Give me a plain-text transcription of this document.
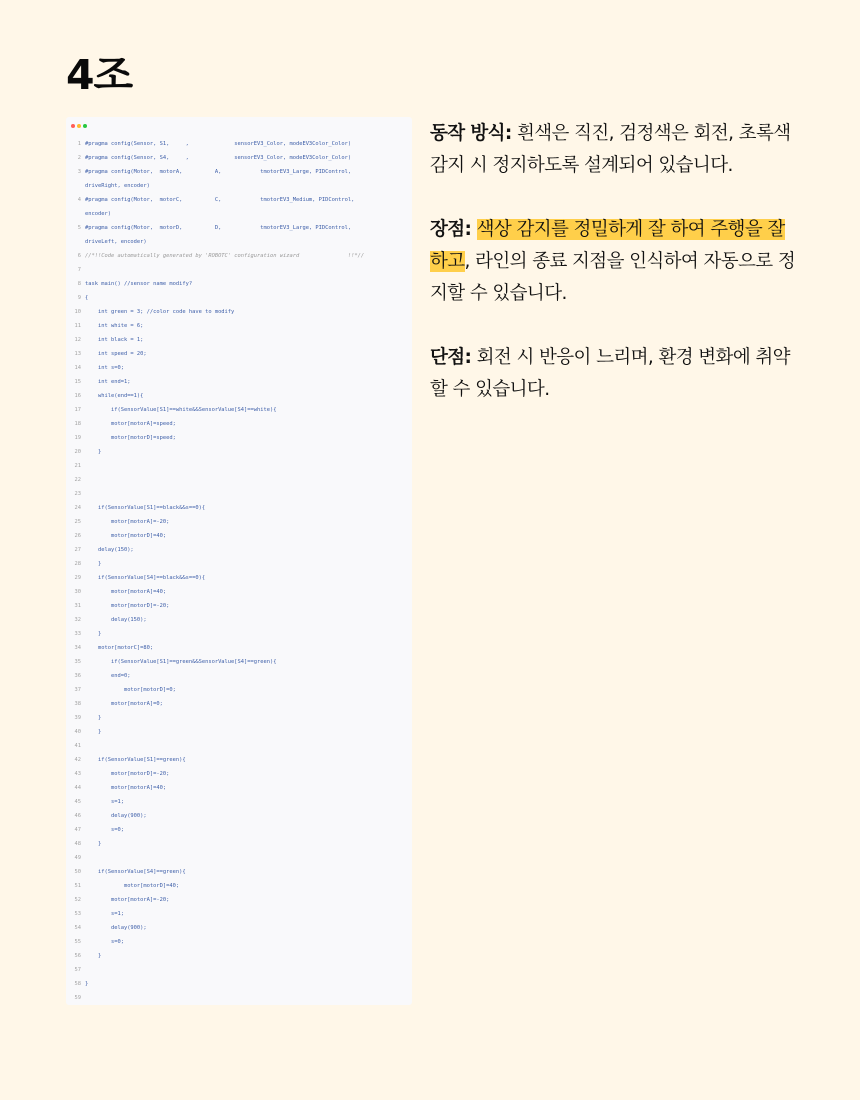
4조
1 #pragma config(Sensor, S1,     ,              sensorEV3_Color, modeEV3Color_Color)
2 #pragma config(Sensor, S4,     ,              sensorEV3_Color, modeEV3Color_Color)
3 #pragma config(Motor,  motorA,          A,            tmotorEV3_Large, PIDControl,
driveRight, encoder)
4 #pragma config(Motor,  motorC,          C,            tmotorEV3_Medium, PIDControl,
encoder)
5 #pragma config(Motor,  motorD,          D,            tmotorEV3_Large, PIDControl,
driveLeft, encoder)
6 //*!!Code automatically generated by 'ROBOTC' configuration wizard               !!*//
7
8 task main() //sensor name modify?
9 {
10 int green = 3; //color code have to modify
11 int white = 6;
12 int black = 1;
13 int speed = 20;
14 int s=0;
15 int end=1;
16 while(end==1){
17 if(SensorValue[S1]==white&&SensorValue[S4]==white){
18 motor[motorA]=speed;
19 motor[motorD]=speed;
20 }
21
22
23
24 if(SensorValue[S1]==black&&s==0){
25 motor[motorA]=-20;
26 motor[motorD]=40;
27 delay(150);
28 }
29 if(SensorValue[S4]==black&&s==0){
30 motor[motorA]=40;
31 motor[motorD]=-20;
32 delay(150);
33 }
34 motor[motorC]=80;
35 if(SensorValue[S1]==green&&SensorValue[S4]==green){
36 end=0;
37 motor[motorD]=0;
38 motor[motorA]=0;
39 }
40 }
41
42 if(SensorValue[S1]==green){
43 motor[motorD]=-20;
44 motor[motorA]=40;
45 s=1;
46 delay(900);
47 s=0;
48 }
49
50 if(SensorValue[S4]==green){
51 motor[motorD]=40;
52 motor[motorA]=-20;
53 s=1;
54 delay(900);
55 s=0;
56 }
57
58 }
59

동작 방식: 흰색은 직진, 검정색은 회전, 초록색 감지 시 정지하도록 설계되어 있습니다.

장점: 색상 감지를 정밀하게 잘 하여 주행을 잘 하고, 라인의 종료 지점을 인식하여 자동으로 정지할 수 있습니다.

단점: 회전 시 반응이 느리며, 환경 변화에 취약할 수 있습니다.
